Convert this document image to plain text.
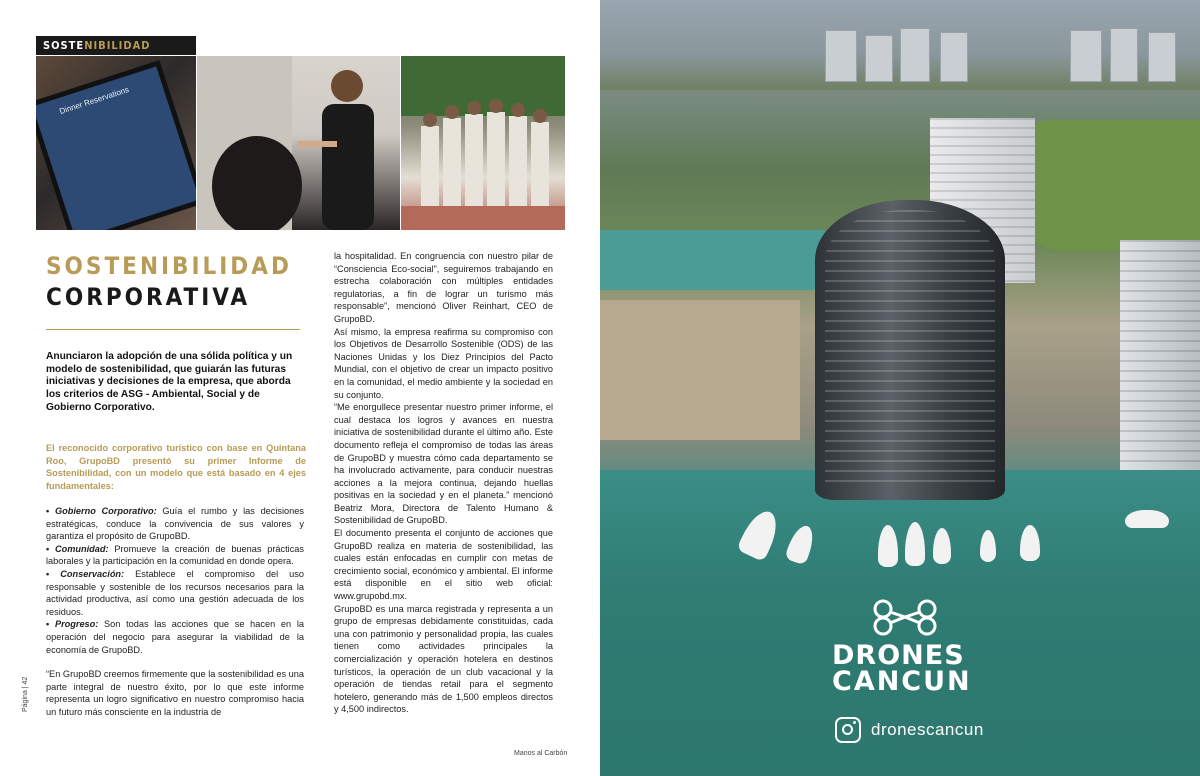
SOSTENIBILIDAD
Dinner Reservations
SOSTENIBILIDAD
CORPORATIVA
Anunciaron la adopción de una sólida política y un modelo de sostenibilidad, que guiarán las futuras iniciativas y decisiones de la empresa, que aborda los criterios de ASG - Ambiental, Social y de Gobierno Corporativo.
El reconocido corporativo turístico con base en Quintana Roo, GrupoBD presentó su primer Informe de Sostenibilidad, con un modelo que está basado en 4 ejes fundamentales:

• Gobierno Corporativo: Guía el rumbo y las decisiones estratégicas, conduce la convivencia de sus valores y garantiza el propósito de GrupoBD.

• Comunidad: Promueve la creación de buenas prácticas laborales y la participación en la comunidad en donde opera.

• Conservación: Establece el compromiso del uso responsable y sostenible de los recursos necesarios para la actividad productiva, así como una gestión adecuada de los residuos.

• Progreso: Son todas las acciones que se hacen en la operación del negocio para asegurar la viabilidad de la economía de GrupoBD.

“En GrupoBD creemos firmemente que la sostenibilidad es una parte integral de nuestro éxito, por lo que este informe representa un logro significativo en nuestro compromiso hacia un futuro más consciente en la industria de

la hospitalidad. En congruencia con nuestro pilar de “Consciencia Eco-social”, seguiremos trabajando en estrecha colaboración con múltiples entidades regulatorias, a fin de lograr un turismo más responsable”, mencionó Oliver Reinhart, CEO de GrupoBD.

Así mismo, la empresa reafirma su compromiso con los Objetivos de Desarrollo Sostenible (ODS) de las Naciones Unidas y los Diez Principios del Pacto Mundial, con el objetivo de crear un impacto positivo en la comunidad, el medio ambiente y la sociedad en su conjunto.

“Me enorgullece presentar nuestro primer informe, el cual destaca los logros y avances en nuestra iniciativa de sostenibilidad durante el último año. Este documento refleja el compromiso de todas las áreas de GrupoBD y muestra cómo cada departamento se ha involucrado activamente, para conducir nuestras acciones a la mejora continua, dejando huellas positivas en la sociedad y en el planeta.” mencionó Beatriz Mora, Directora de Talento Humano & Sostenibilidad de GrupoBD.

El documento presenta el conjunto de acciones que GrupoBD realiza en materia de sostenibilidad, las cuales están enfocadas en cumplir con metas de crecimiento social, económico y ambiental. El informe está disponible en el sitio web oficial: www.grupobd.mx.

GrupoBD es una marca registrada y representa a un grupo de empresas debidamente constituidas, cada una con patrimonio y personalidad propia, las cuales tienen como actividades principales la comercialización y operación hotelera en destinos turísticos, la operación de un club vacacional y la operación de tiendas retail para el segmento hotelero, generando más de 1,500 empleos directos y 4,500 indirectos.

Página | 42
Manos al Carbón
DRONES
CANCUN
dronescancun
